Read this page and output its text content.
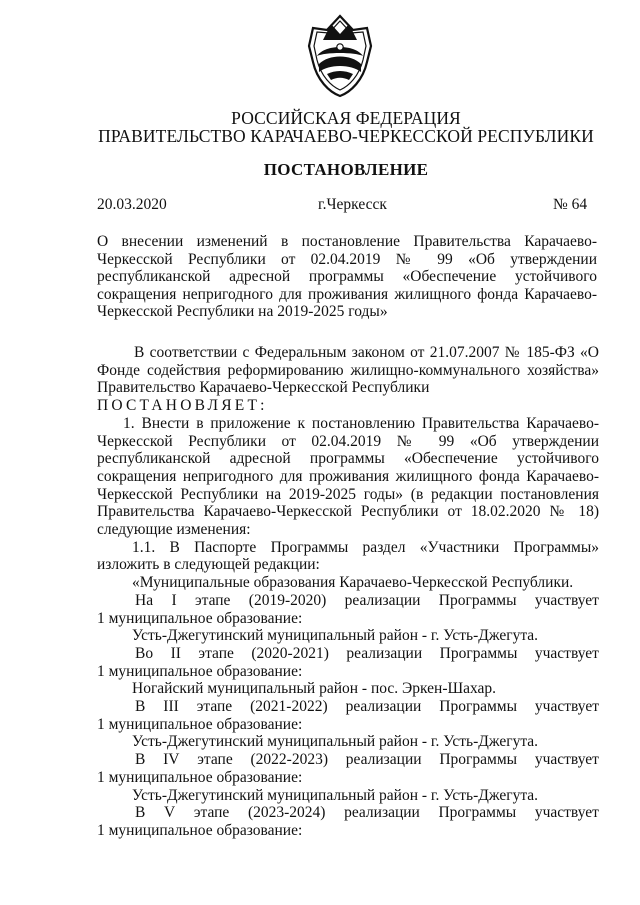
РОССИЙСКАЯ ФЕДЕРАЦИЯ
ПРАВИТЕЛЬСТВО КАРАЧАЕВО-ЧЕРКЕССКОЙ РЕСПУБЛИКИ
ПОСТАНОВЛЕНИЕ
20.03.2020	г.Черкесск	№ 64
О внесении изменений в постановление Правительства Карачаево-Черкесской Республики от 02.04.2019 № 99 «Об утверждении республиканской адресной программы «Обеспечение устойчивого сокращения непригодного для проживания жилищного фонда Карачаево-Черкесской Республики на 2019-2025 годы»

В соответствии с Федеральным законом от 21.07.2007 № 185-ФЗ «О Фонде содействия реформированию жилищно-коммунального хозяйства» Правительство Карачаево-Черкесской Республики

ПОСТАНОВЛЯЕТ:

1. Внести в приложение к постановлению Правительства Карачаево-Черкесской Республики от 02.04.2019 № 99 «Об утверждении республиканской адресной программы «Обеспечение устойчивого сокращения непригодного для проживания жилищного фонда Карачаево-Черкесской Республики на 2019-2025 годы» (в редакции постановления Правительства Карачаево-Черкесской Республики от 18.02.2020 № 18) следующие изменения:

1.1. В Паспорте Программы раздел «Участники Программы» изложить в следующей редакции:

«Муниципальные образования Карачаево-Черкесской Республики.

На I этапе (2019-2020) реализации Программы участвует

1 муниципальное образование:

Усть-Джегутинский муниципальный район - г. Усть-Джегута.

Во II этапе (2020-2021) реализации Программы участвует

1 муниципальное образование:

Ногайский муниципальный район - пос. Эркен-Шахар.

В III этапе (2021-2022) реализации Программы участвует

1 муниципальное образование:

Усть-Джегутинский муниципальный район - г. Усть-Джегута.

В IV этапе (2022-2023) реализации Программы участвует

1 муниципальное образование:

Усть-Джегутинский муниципальный район - г. Усть-Джегута.

В V этапе (2023-2024) реализации Программы участвует

1 муниципальное образование:
